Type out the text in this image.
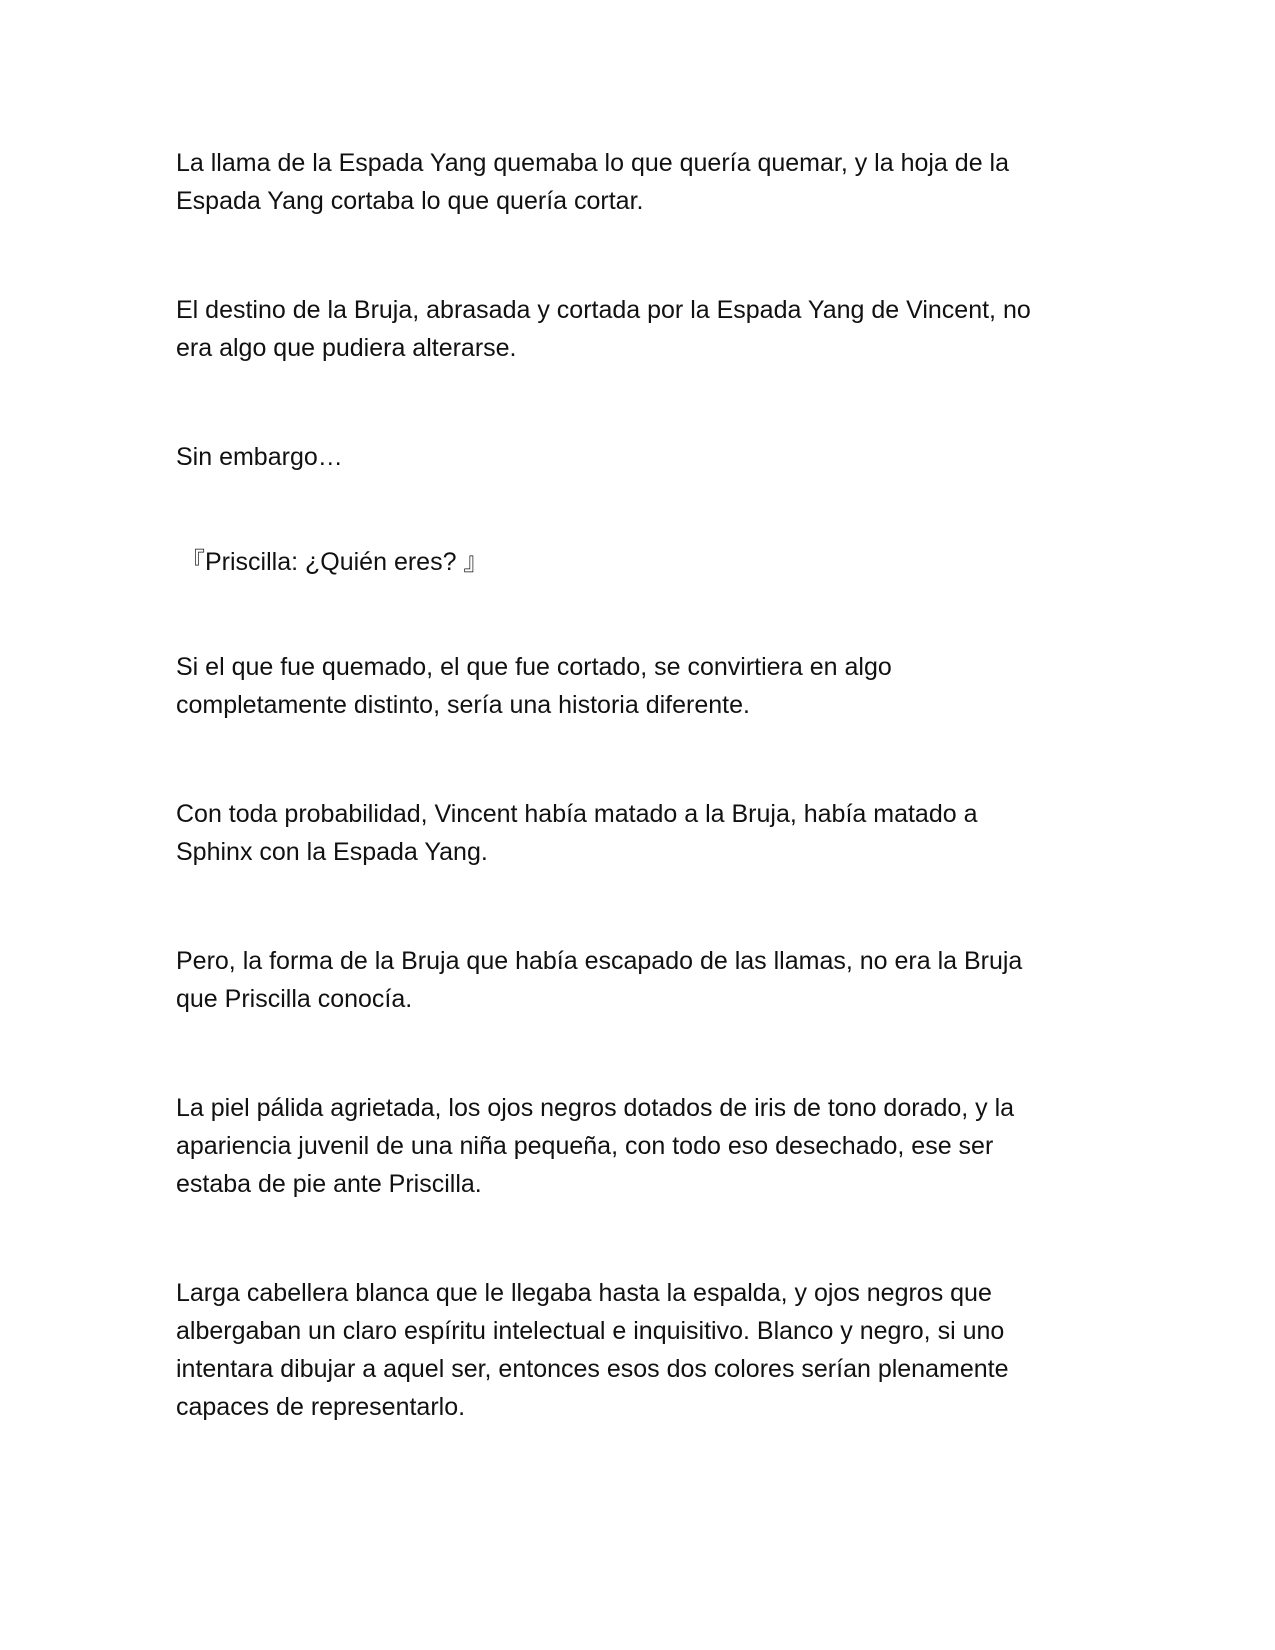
La llama de la Espada Yang quemaba lo que quería quemar, y la hoja de la
Espada Yang cortaba lo que quería cortar.

El destino de la Bruja, abrasada y cortada por la Espada Yang de Vincent, no
era algo que pudiera alterarse.

Sin embargo…

『Priscilla: ¿Quién eres? 』

Si el que fue quemado, el que fue cortado, se convirtiera en algo
completamente distinto, sería una historia diferente.

Con toda probabilidad, Vincent había matado a la Bruja, había matado a
Sphinx con la Espada Yang.

Pero, la forma de la Bruja que había escapado de las llamas, no era la Bruja
que Priscilla conocía.

La piel pálida agrietada, los ojos negros dotados de iris de tono dorado, y la
apariencia juvenil de una niña pequeña, con todo eso desechado, ese ser
estaba de pie ante Priscilla.

Larga cabellera blanca que le llegaba hasta la espalda, y ojos negros que
albergaban un claro espíritu intelectual e inquisitivo. Blanco y negro, si uno
intentara dibujar a aquel ser, entonces esos dos colores serían plenamente
capaces de representarlo.
